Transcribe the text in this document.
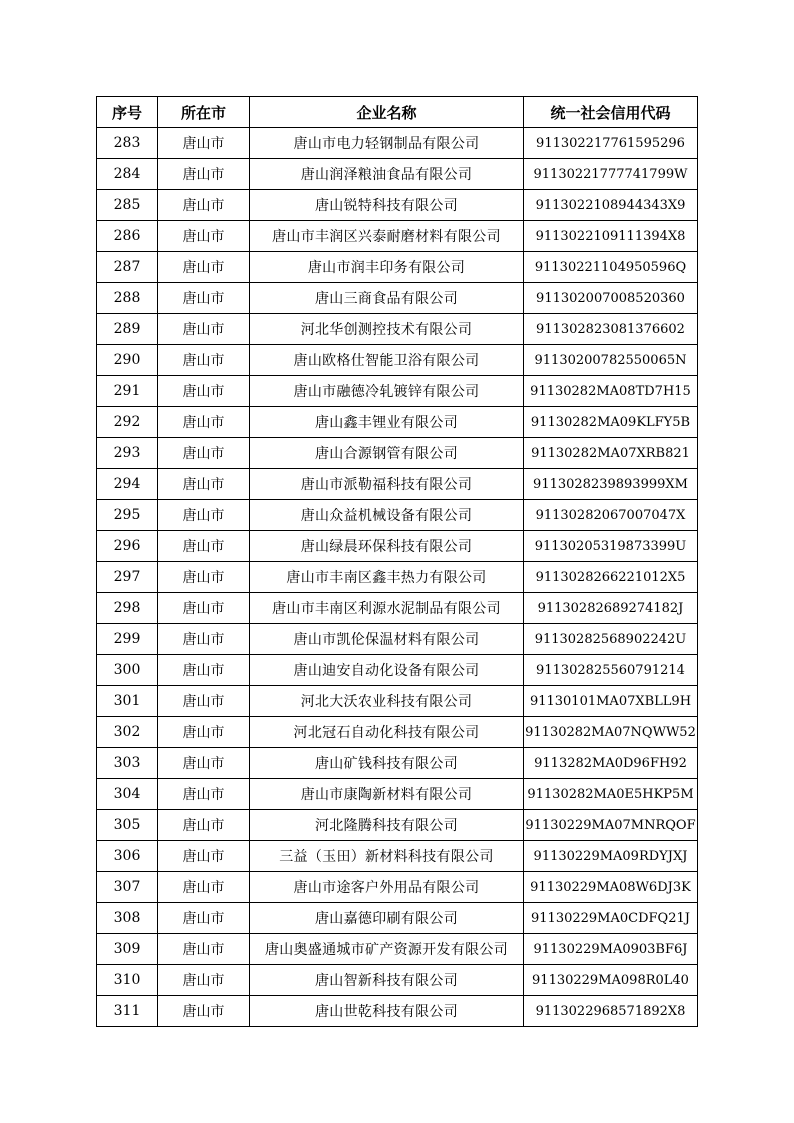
序号	所在市	企业名称	统一社会信用代码
283	唐山市	唐山市电力轻钢制品有限公司	911302217761595296
284	唐山市	唐山润泽粮油食品有限公司	91130221777741799W
285	唐山市	唐山锐特科技有限公司	9113022108944343X9
286	唐山市	唐山市丰润区兴泰耐磨材料有限公司	9113022109111394X8
287	唐山市	唐山市润丰印务有限公司	91130221104950596Q
288	唐山市	唐山三商食品有限公司	911302007008520360
289	唐山市	河北华创测控技术有限公司	911302823081376602
290	唐山市	唐山欧格仕智能卫浴有限公司	91130200782550065N
291	唐山市	唐山市融德冷轧镀锌有限公司	91130282MA08TD7H15
292	唐山市	唐山鑫丰锂业有限公司	91130282MA09KLFY5B
293	唐山市	唐山合源钢管有限公司	91130282MA07XRB821
294	唐山市	唐山市派勒福科技有限公司	9113028239893999XM
295	唐山市	唐山众益机械设备有限公司	91130282067007047X
296	唐山市	唐山绿晨环保科技有限公司	91130205319873399U
297	唐山市	唐山市丰南区鑫丰热力有限公司	9113028266221012X5
298	唐山市	唐山市丰南区利源水泥制品有限公司	91130282689274182J
299	唐山市	唐山市凯伦保温材料有限公司	91130282568902242U
300	唐山市	唐山迪安自动化设备有限公司	911302825560791214
301	唐山市	河北大沃农业科技有限公司	91130101MA07XBLL9H
302	唐山市	河北冠石自动化科技有限公司	91130282MA07NQWW52
303	唐山市	唐山矿钱科技有限公司	9113282MA0D96FH92
304	唐山市	唐山市康陶新材料有限公司	91130282MA0E5HKP5M
305	唐山市	河北隆腾科技有限公司	91130229MA07MNRQOF
306	唐山市	三益（玉田）新材料科技有限公司	91130229MA09RDYJXJ
307	唐山市	唐山市途客户外用品有限公司	91130229MA08W6DJ3K
308	唐山市	唐山嘉德印刷有限公司	91130229MA0CDFQ21J
309	唐山市	唐山奥盛通城市矿产资源开发有限公司	91130229MA0903BF6J
310	唐山市	唐山智新科技有限公司	91130229MA098R0L40
311	唐山市	唐山世乾科技有限公司	9113022968571892X8
